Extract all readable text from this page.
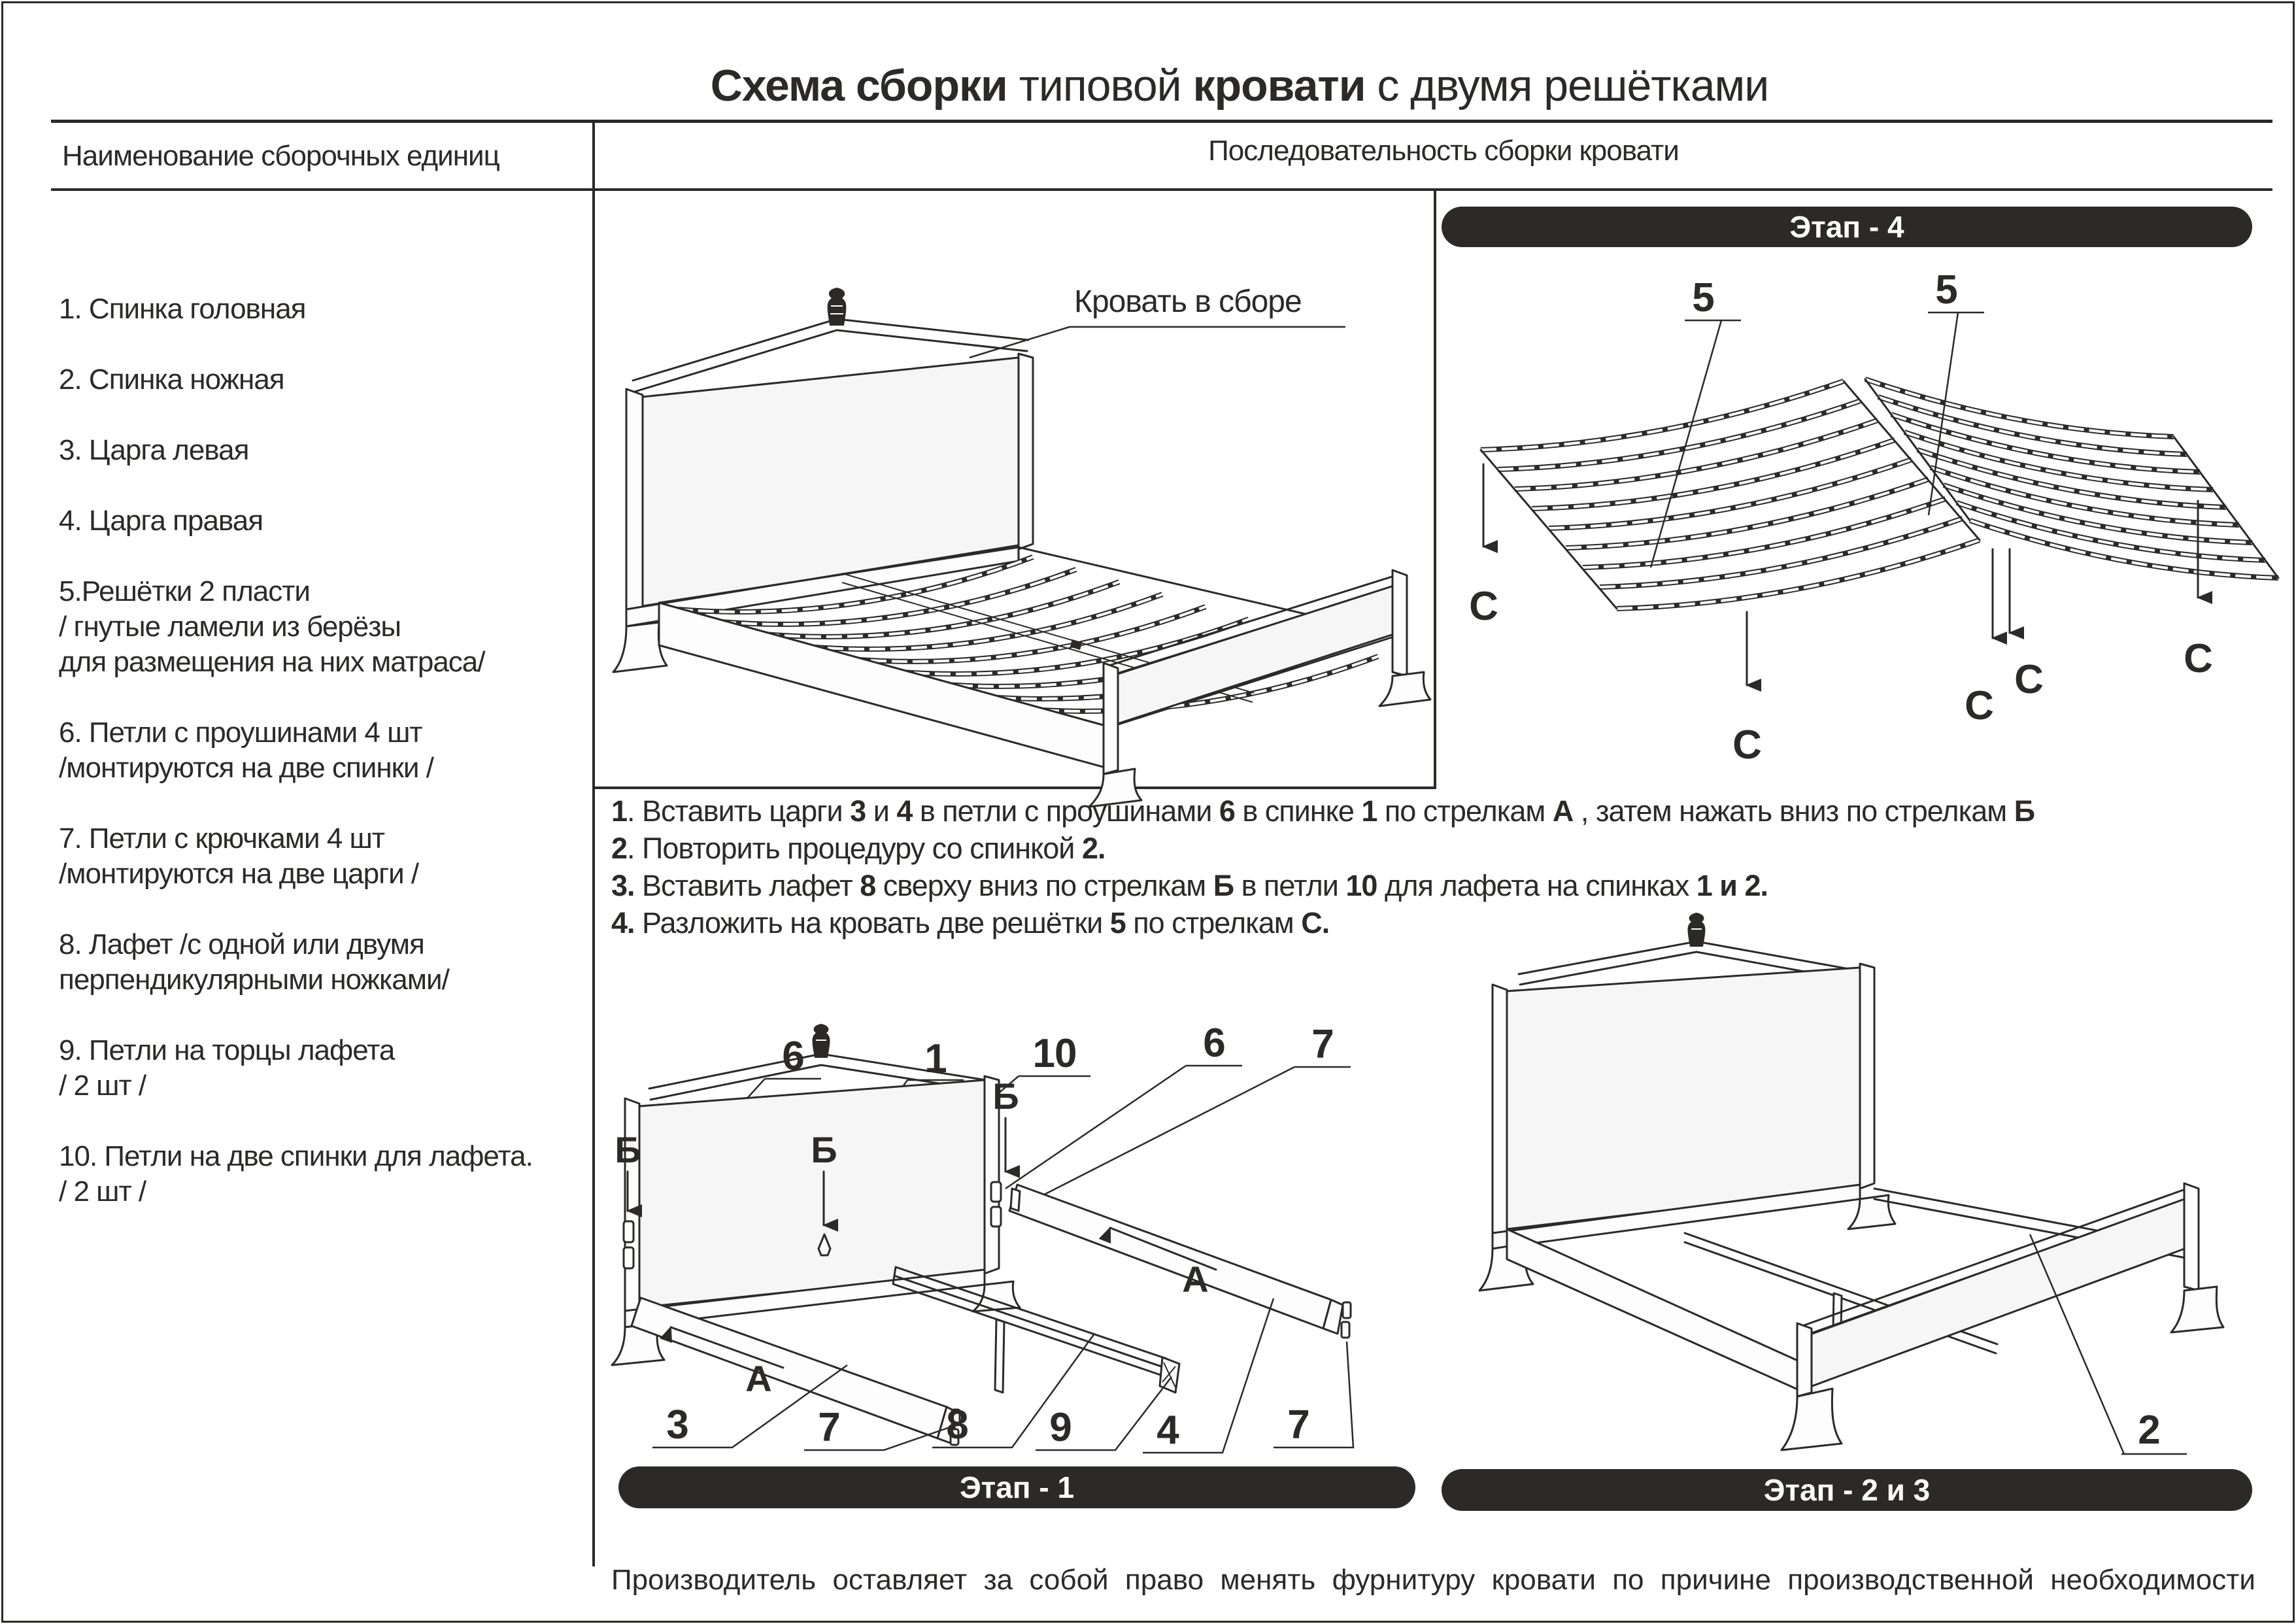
Схема сборки типовой кровати с двумя решётками
Наименование сборочных единиц	Последовательность сборки кровати
1. Спинка головная
2. Спинка ножная
3. Царга левая
4. Царга правая
5.Решётки 2 пласти
/ гнутые ламели из берёзы
для размещения на них матраса/
6. Петли с проушинами 4 шт
/монтируются на две спинки /
7. Петли с крючками 4 шт
/монтируются на две царги /
8. Лафет /с одной или двумя
перпендикулярными ножками/
9. Петли на торцы лафета
/ 2 шт /
10. Петли на две спинки для лафета.
/ 2 шт /
Кровать в сборе
Этап - 4
5	5
С
С
С
С	С
1. Вставить царги 3 и 4 в петли с проушинами 6 в спинке 1 по стрелкам А , затем нажать вниз по стрелкам Б
2. Повторить процедуру со спинкой 2.
3. Вставить лафет 8 сверху вниз по стрелкам Б в петли 10 для лафета на спинках 1 и 2.
4. Разложить на кровать две решётки 5 по стрелкам С.
6	1 10	6 7
Б	Б
Б
А
А
3	7	8 9 4	7
Этап - 1
2
Этап - 2 и 3
Производитель оставляет за собой право менять фурнитуру кровати по причине производственной необходимости
